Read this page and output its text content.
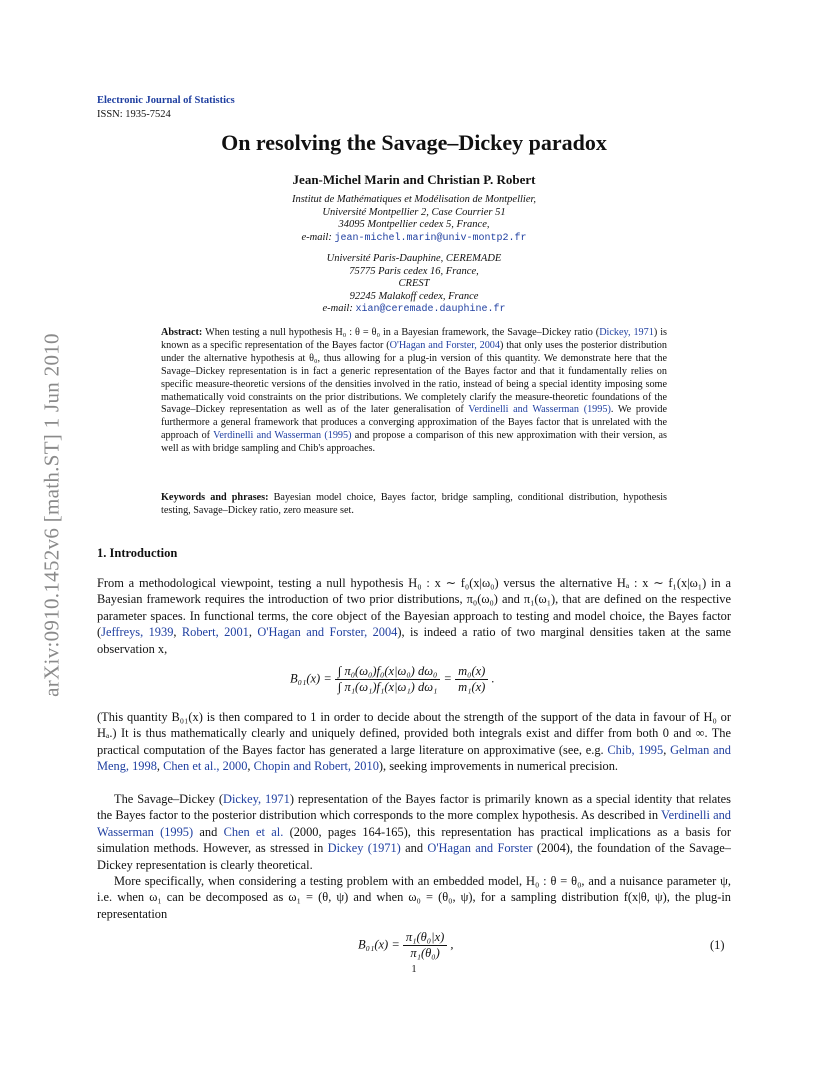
arXiv:0910.1452v6 [math.ST] 1 Jun 2010
Electronic Journal of Statistics
ISSN: 1935-7524
On resolving the Savage–Dickey paradox
Jean-Michel Marin and Christian P. Robert
Institut de Mathématiques et Modélisation de Montpellier,
Université Montpellier 2, Case Courrier 51
34095 Montpellier cedex 5, France,
e-mail: jean-michel.marin@univ-montp2.fr
Université Paris-Dauphine, CEREMADE
75775 Paris cedex 16, France,
CREST
92245 Malakoff cedex, France
e-mail: xian@ceremade.dauphine.fr
Abstract: When testing a null hypothesis H₀ : θ = θ₀ in a Bayesian framework, the Savage–Dickey ratio (Dickey, 1971) is known as a specific representation of the Bayes factor (O'Hagan and Forster, 2004) that only uses the posterior distribution under the alternative hypothesis at θ₀, thus allowing for a plug-in version of this quantity. We demonstrate here that the Savage–Dickey representation is in fact a generic representation of the Bayes factor and that it fundamentally relies on specific measure-theoretic versions of the densities involved in the ratio, instead of being a special identity imposing some mathematically void constraints on the prior distributions. We completely clarify the measure-theoretic foundations of the Savage–Dickey representation as well as of the later generalisation of Verdinelli and Wasserman (1995). We provide furthermore a general framework that produces a converging approximation of the Bayes factor that is unrelated with the approach of Verdinelli and Wasserman (1995) and propose a comparison of this new approximation with their version, as well as with bridge sampling and Chib's approaches.
Keywords and phrases: Bayesian model choice, Bayes factor, bridge sampling, conditional distribution, hypothesis testing, Savage–Dickey ratio, zero measure set.
1. Introduction
From a methodological viewpoint, testing a null hypothesis H₀ : x ∼ f₀(x|ω₀) versus the alternative Hₐ : x ∼ f₁(x|ω₁) in a Bayesian framework requires the introduction of two prior distributions, π₀(ω₀) and π₁(ω₁), that are defined on the respective parameter spaces. In functional terms, the core object of the Bayesian approach to testing and model choice, the Bayes factor (Jeffreys, 1939, Robert, 2001, O'Hagan and Forster, 2004), is indeed a ratio of two marginal densities taken at the same observation x,
$B_{01}(x) = \frac{\text{∫ π₀(ω₀)f₀(x|ω₀) dω₀}}{\text{∫ π₁(ω₁)f₁(x|ω₁) dω₁}} = \frac{\text{m₀(x)}}{\text{m₁(x)}}$ .
(This quantity B₀₁(x) is then compared to 1 in order to decide about the strength of the support of the data in favour of H₀ or Hₐ.) It is thus mathematically clearly and uniquely defined, provided both integrals exist and differ from both 0 and ∞. The practical computation of the Bayes factor has generated a large literature on approximative (see, e.g. Chib, 1995, Gelman and Meng, 1998, Chen et al., 2000, Chopin and Robert, 2010), seeking improvements in numerical precision.
The Savage–Dickey (Dickey, 1971) representation of the Bayes factor is primarily known as a special identity that relates the Bayes factor to the posterior distribution which corresponds to the more complex hypothesis. As described in Verdinelli and Wasserman (1995) and Chen et al. (2000, pages 164-165), this representation has practical implications as a basis for simulation methods. However, as stressed in Dickey (1971) and O'Hagan and Forster (2004), the foundation of the Savage–Dickey representation is clearly theoretical.
More specifically, when considering a testing problem with an embedded model, H₀ : θ = θ₀, and a nuisance parameter ψ, i.e. when ω₁ can be decomposed as ω₁ = (θ, ψ) and when ω₀ = (θ₀, ψ), for a sampling distribution f(x|θ, ψ), the plug-in representation
$B_{01}(x) = \frac{\text{π₁(θ₀|x)}}{\text{π₁(θ₀)}}$ ,	(1)
1
